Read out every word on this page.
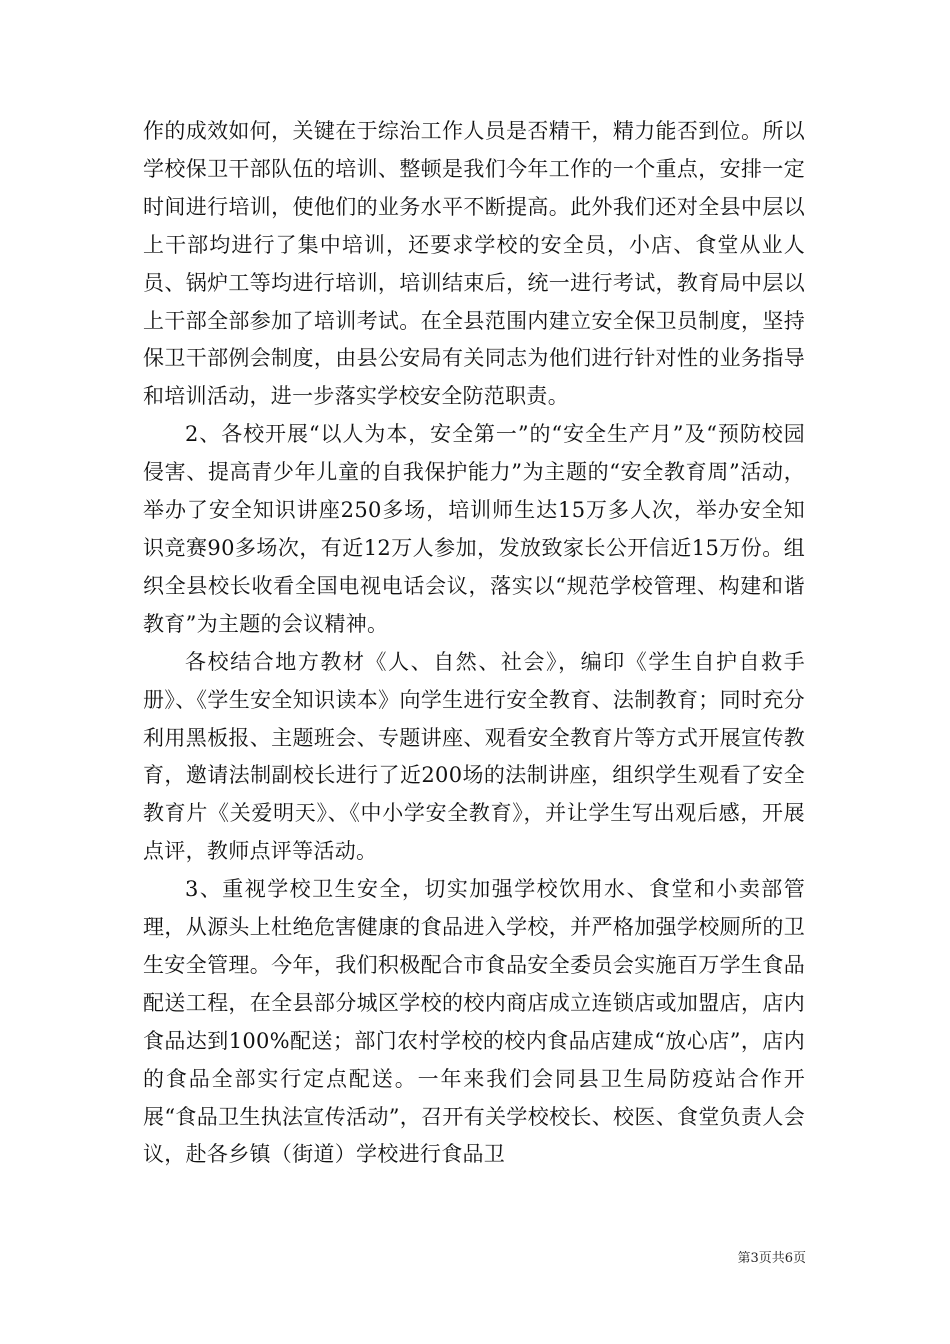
作的成效如何，关键在于综治工作人员是否精干，精力能否到位。所以学校保卫干部队伍的培训、整顿是我们今年工作的一个重点，安排一定时间进行培训，使他们的业务水平不断提高。此外我们还对全县中层以上干部均进行了集中培训，还要求学校的安全员，小店、食堂从业人员、锅炉工等均进行培训，培训结束后，统一进行考试，教育局中层以上干部全部参加了培训考试。在全县范围内建立安全保卫员制度，坚持保卫干部例会制度，由县公安局有关同志为他们进行针对性的业务指导和培训活动，进一步落实学校安全防范职责。

2、各校开展“以人为本，安全第一”的“安全生产月”及“预防校园侵害、提高青少年儿童的自我保护能力”为主题的“安全教育周”活动，举办了安全知识讲座250多场，培训师生达15万多人次，举办安全知识竞赛90多场次，有近12万人参加，发放致家长公开信近15万份。组织全县校长收看全国电视电话会议，落实以“规范学校管理、构建和谐教育”为主题的会议精神。

各校结合地方教材《人、自然、社会》，编印《学生自护自救手册》、《学生安全知识读本》向学生进行安全教育、法制教育；同时充分利用黑板报、主题班会、专题讲座、观看安全教育片等方式开展宣传教育，邀请法制副校长进行了近200场的法制讲座，组织学生观看了安全教育片《关爱明天》、《中小学安全教育》，并让学生写出观后感，开展点评，教师点评等活动。

3、重视学校卫生安全，切实加强学校饮用水、食堂和小卖部管理，从源头上杜绝危害健康的食品进入学校，并严格加强学校厕所的卫生安全管理。今年，我们积极配合市食品安全委员会实施百万学生食品配送工程，在全县部分城区学校的校内商店成立连锁店或加盟店，店内食品达到100%配送；部门农村学校的校内食品店建成“放心店”，店内的食品全部实行定点配送。一年来我们会同县卫生局防疫站合作开展“食品卫生执法宣传活动”，召开有关学校校长、校医、食堂负责人会议，赴各乡镇（街道）学校进行食品卫

第3页共6页
